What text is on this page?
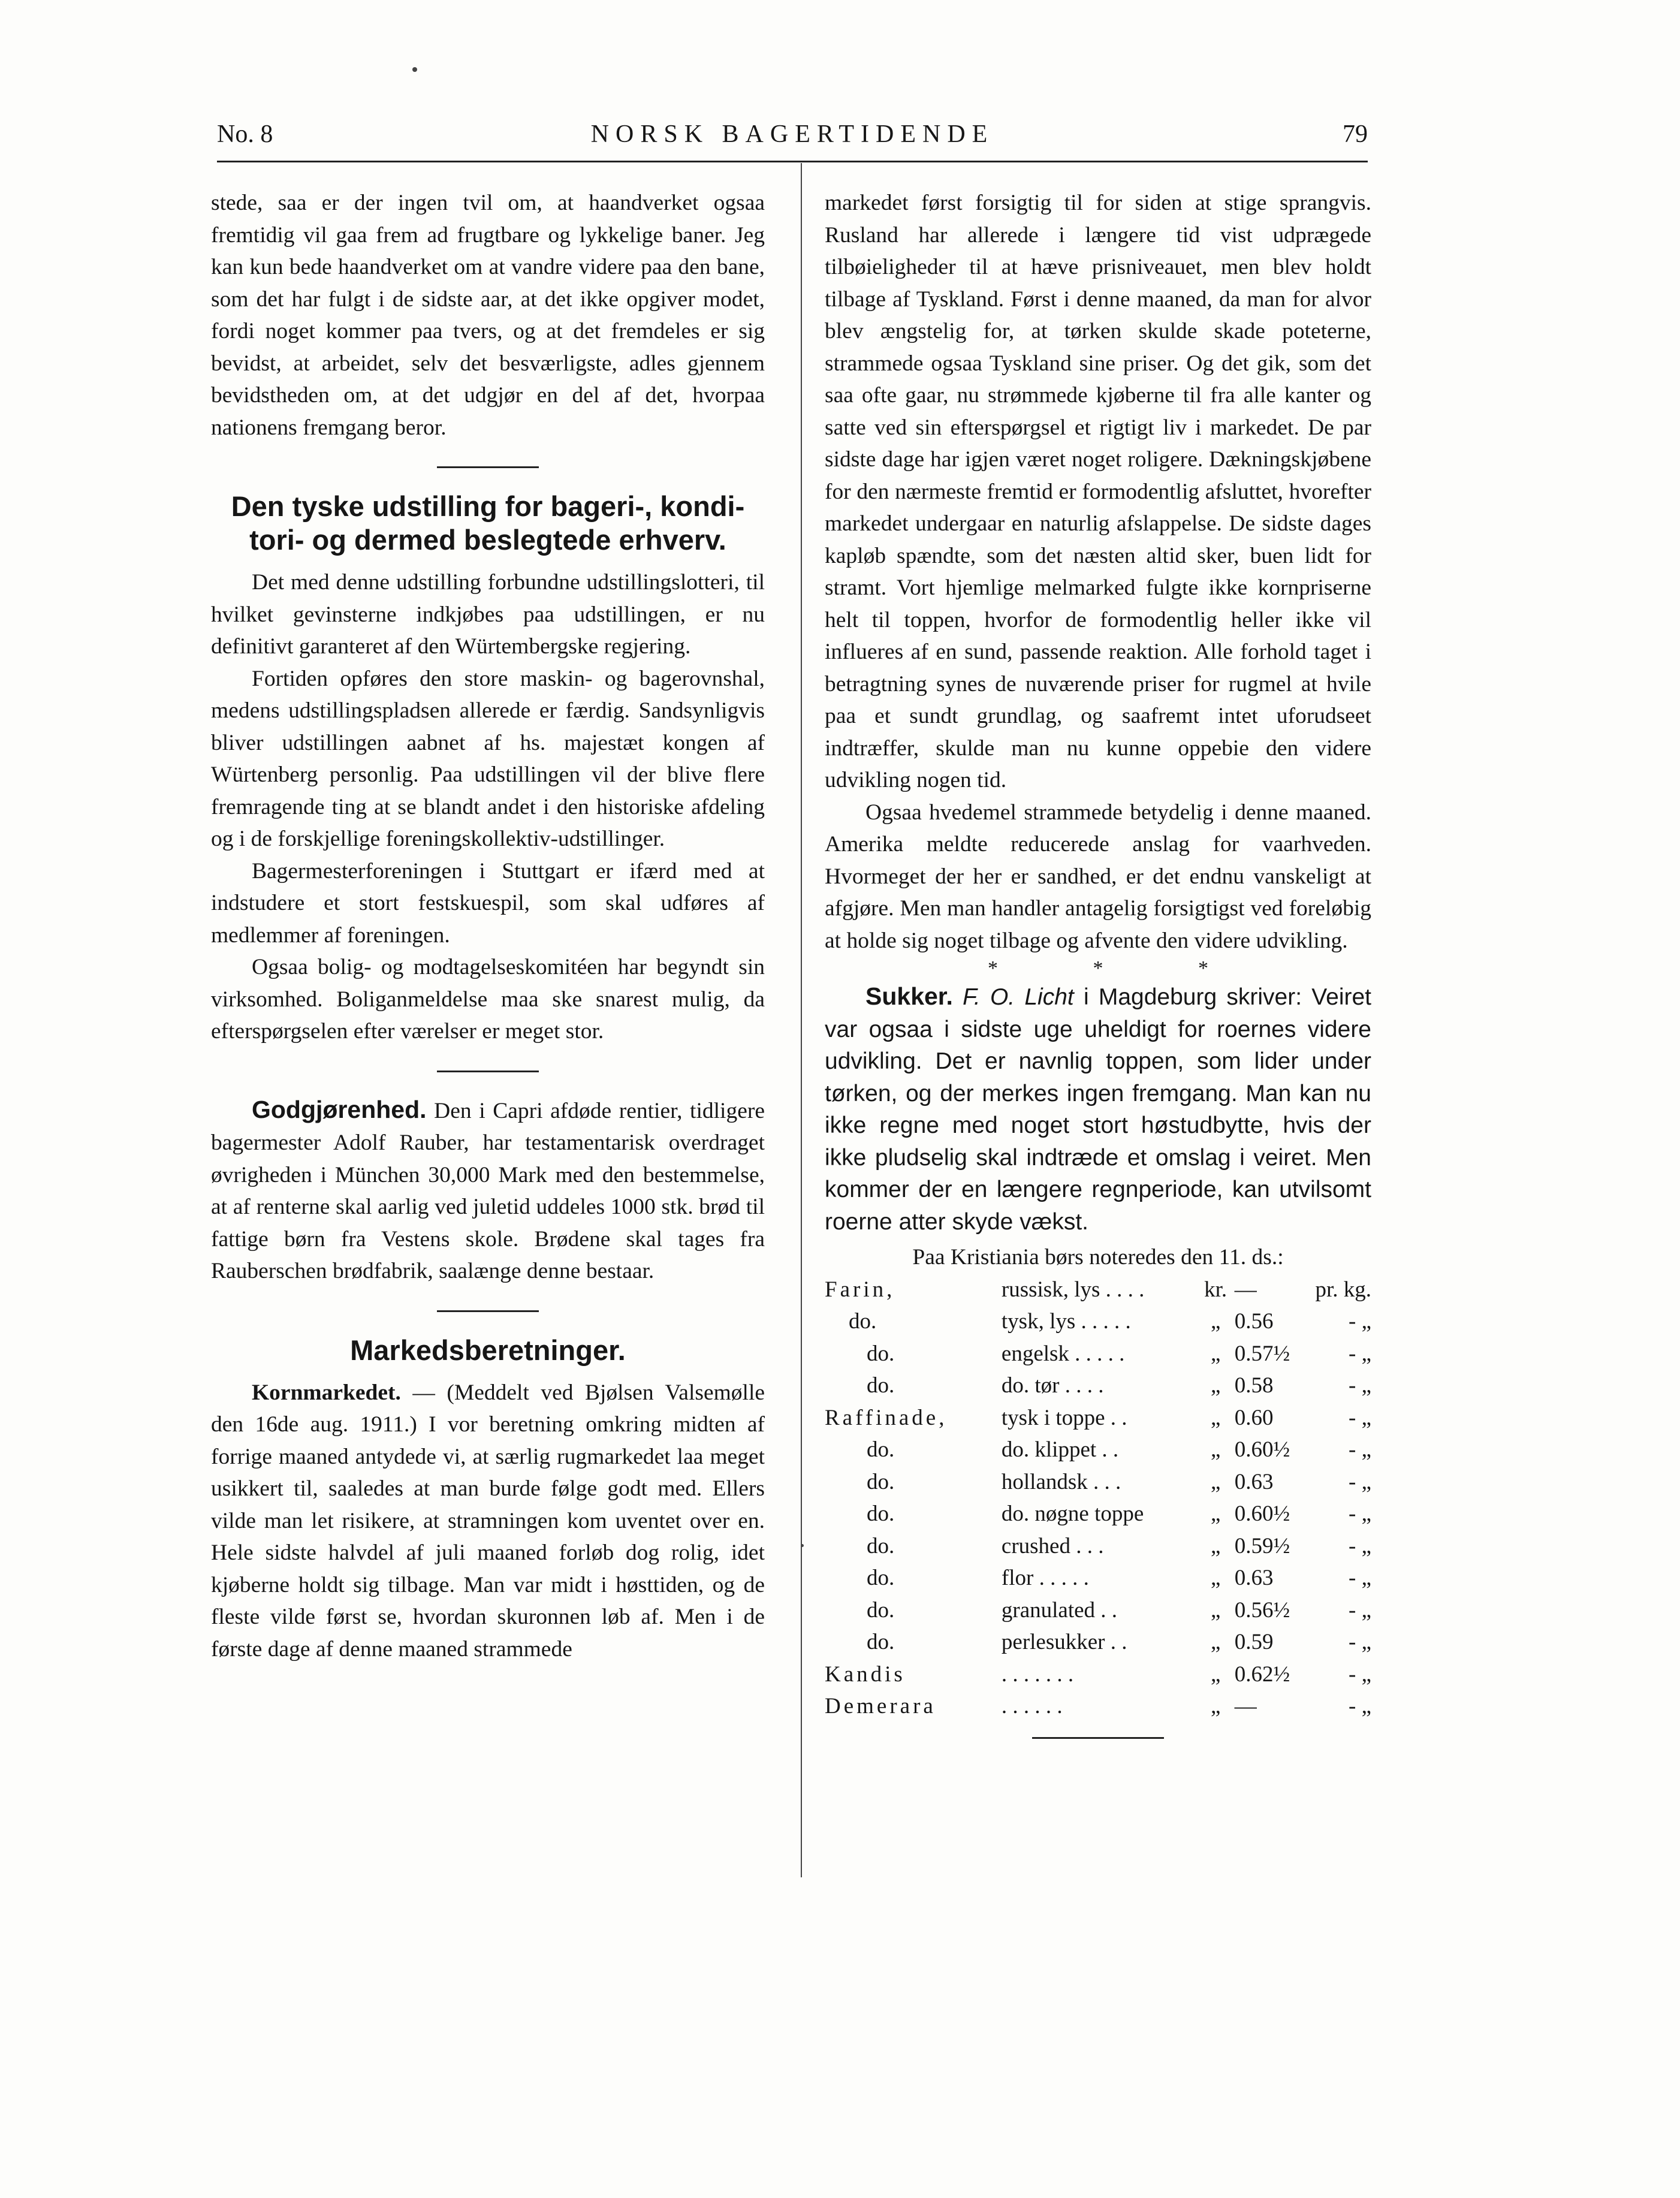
No. 8	NORSK BAGERTIDENDE	79

stede, saa er der ingen tvil om, at haandverket ogsaa fremtidig vil gaa frem ad frugtbare og lykkelige baner. Jeg kan kun bede haandverket om at vandre videre paa den bane, som det har fulgt i de sidste aar, at det ikke opgiver modet, fordi noget kommer paa tvers, og at det fremdeles er sig bevidst, at arbeidet, selv det besværligste, adles gjennem bevidstheden om, at det udgjør en del af det, hvorpaa nationens fremgang beror.

Den tyske udstilling for bageri-, kondi-
tori- og dermed beslegtede erhverv.

Det med denne udstilling forbundne udstillingslotteri, til hvilket gevinsterne indkjøbes paa udstillingen, er nu definitivt garanteret af den Würtembergske regjering.

Fortiden opføres den store maskin- og bagerovnshal, medens udstillingspladsen allerede er færdig. Sandsynligvis bliver udstillingen aabnet af hs. majestæt kongen af Würtenberg personlig. Paa udstillingen vil der blive flere fremragende ting at se blandt andet i den historiske afdeling og i de forskjellige foreningskollektiv-udstillinger.

Bagermesterforeningen i Stuttgart er ifærd med at indstudere et stort festskuespil, som skal udføres af medlemmer af foreningen.

Ogsaa bolig- og modtagelseskomitéen har begyndt sin virksomhed. Boliganmeldelse maa ske snarest mulig, da efterspørgselen efter værelser er meget stor.

Godgjørenhed. Den i Capri afdøde rentier, tidligere bagermester Adolf Rauber, har testamentarisk overdraget øvrigheden i München 30,000 Mark med den bestemmelse, at af renterne skal aarlig ved juletid uddeles 1000 stk. brød til fattige børn fra Vestens skole. Brødene skal tages fra Rauberschen brødfabrik, saalænge denne bestaar.

Markedsberetninger.

Kornmarkedet. — (Meddelt ved Bjølsen Valsemølle den 16de aug. 1911.) I vor beretning omkring midten af forrige maaned antydede vi, at særlig rugmarkedet laa meget usikkert til, saaledes at man burde følge godt med. Ellers vilde man let risikere, at stramningen kom uventet over en. Hele sidste halvdel af juli maaned forløb dog rolig, idet kjøberne holdt sig tilbage. Man var midt i høsttiden, og de fleste vilde først se, hvordan skuronnen løb af. Men i de første dage af denne maaned strammede

markedet først forsigtig til for siden at stige sprangvis. Rusland har allerede i længere tid vist udprægede tilbøieligheder til at hæve prisniveauet, men blev holdt tilbage af Tyskland. Først i denne maaned, da man for alvor blev ængstelig for, at tørken skulde skade poteterne, strammede ogsaa Tyskland sine priser. Og det gik, som det saa ofte gaar, nu strømmede kjøberne til fra alle kanter og satte ved sin efterspørgsel et rigtigt liv i markedet. De par sidste dage har igjen været noget roligere. Dækningskjøbene for den nærmeste fremtid er formodentlig afsluttet, hvorefter markedet undergaar en naturlig afslappelse. De sidste dages kapløb spændte, som det næsten altid sker, buen lidt for stramt. Vort hjemlige melmarked fulgte ikke kornpriserne helt til toppen, hvorfor de formodentlig heller ikke vil influeres af en sund, passende reaktion. Alle forhold taget i betragtning synes de nuværende priser for rugmel at hvile paa et sundt grundlag, og saafremt intet uforudseet indtræffer, skulde man nu kunne oppebie den videre udvikling nogen tid.

Ogsaa hvedemel strammede betydelig i denne maaned. Amerika meldte reducerede anslag for vaarhveden. Hvormeget der her er sandhed, er det endnu vanskeligt at afgjøre. Men man handler antagelig forsigtigst ved foreløbig at holde sig noget tilbage og afvente den videre udvikling.

* * *

Sukker. F. O. Licht i Magdeburg skriver: Veiret var ogsaa i sidste uge uheldigt for roernes videre udvikling. Det er navnlig toppen, som lider under tørken, og der merkes ingen fremgang. Man kan nu ikke regne med noget stort høstudbytte, hvis der ikke pludselig skal indtræde et omslag i veiret. Men kommer der en længere regnperiode, kan utvilsomt roerne atter skyde vækst.

Paa Kristiania børs noteredes den 11. ds.:

Farin,	russisk, lys . . . .	kr.	—	pr. kg.
do.	tysk, lys . . . . .	„	0.56	- „
do.	engelsk . . . . .	„	0.57½	- „
do.	do. tør . . . .	„	0.58	- „
Raffinade,	tysk i toppe . .	„	0.60	- „
do.	do. klippet . .	„	0.60½	- „
do.	hollandsk . . .	„	0.63	- „
do.	do. nøgne toppe	„	0.60½	- „
do.	crushed . . .	„	0.59½	- „
do.	flor . . . . .	„	0.63	- „
do.	granulated . .	„	0.56½	- „
do.	perlesukker . .	„	0.59	- „
Kandis	. . . . . . .	„	0.62½	- „
Demerara	. . . . . .	„	—	- „
